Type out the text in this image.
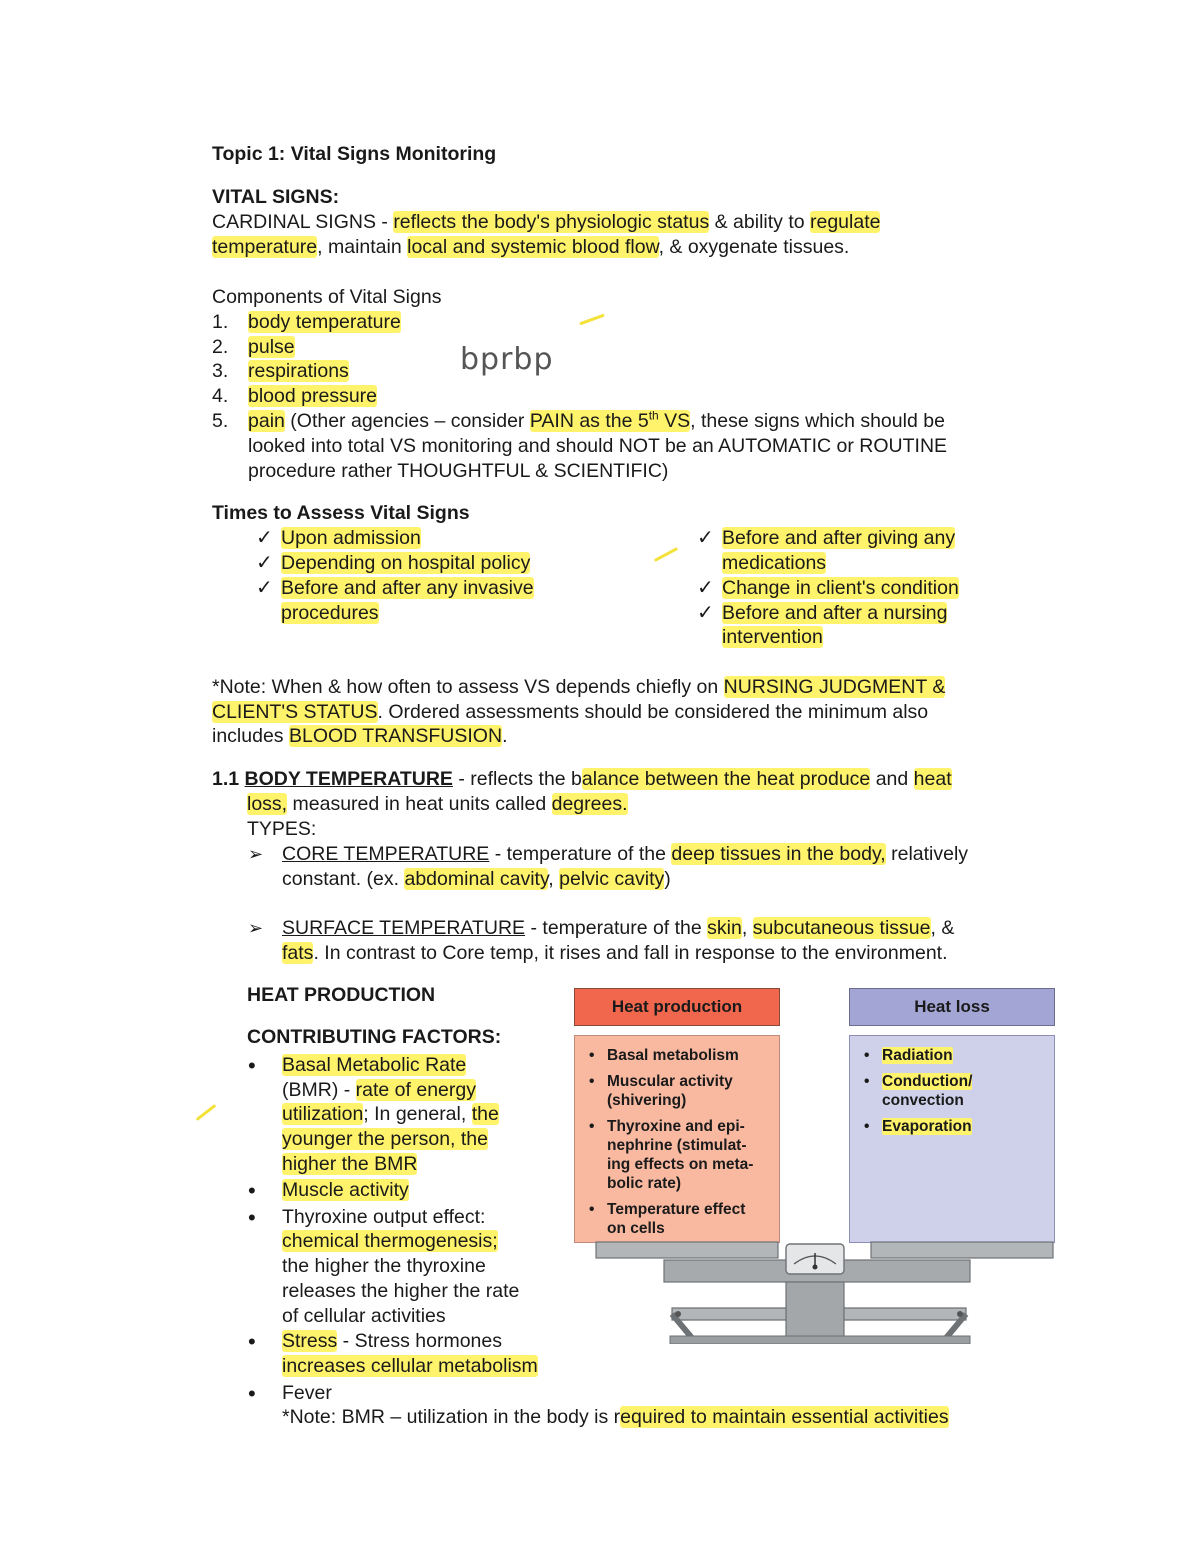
Topic 1: Vital Signs Monitoring
VITAL SIGNS:
CARDINAL SIGNS - reflects the body's physiologic status & ability to regulate
temperature, maintain local and systemic blood flow, & oxygenate tissues.
Components of Vital Signs
1. body temperature
2. pulse
3. respirations
4. blood pressure
5. pain (Other agencies – consider PAIN as the 5th VS, these signs which should be
looked into total VS monitoring and should NOT be an AUTOMATIC or ROUTINE
procedure rather THOUGHTFUL & SCIENTIFIC)
bprbp
Times to Assess Vital Signs
✓ Upon admission
✓ Depending on hospital policy
✓ Before and after any invasive
procedures
✓ Before and after giving any
medications
✓ Change in client's condition
✓ Before and after a nursing
intervention
*Note: When & how often to assess VS depends chiefly on NURSING JUDGMENT &
CLIENT'S STATUS. Ordered assessments should be considered the minimum also
includes BLOOD TRANSFUSION.
1.1 BODY TEMPERATURE - reflects the balance between the heat produce and heat
loss, measured in heat units called degrees.
TYPES:
➢ CORE TEMPERATURE - temperature of the deep tissues in the body, relatively
constant. (ex. abdominal cavity, pelvic cavity)
➢ SURFACE TEMPERATURE - temperature of the skin, subcutaneous tissue, &
fats. In contrast to Core temp, it rises and fall in response to the environment.
HEAT PRODUCTION
CONTRIBUTING FACTORS:
• Basal Metabolic Rate
(BMR) - rate of energy
utilization; In general, the
younger the person, the
higher the BMR
• Muscle activity
• Thyroxine output effect:
chemical thermogenesis;
the higher the thyroxine
releases the higher the rate
of cellular activities
• Stress - Stress hormones
increases cellular metabolism
• Fever
*Note: BMR – utilization in the body is required to maintain essential activities
Heat production	Heat loss
• Basal metabolism
• Muscular activity
(shivering)
• Thyroxine and epi-
nephrine (stimulat-
ing effects on meta-
bolic rate)
• Temperature effect
on cells
• Radiation
• Conduction/
convection
• Evaporation
